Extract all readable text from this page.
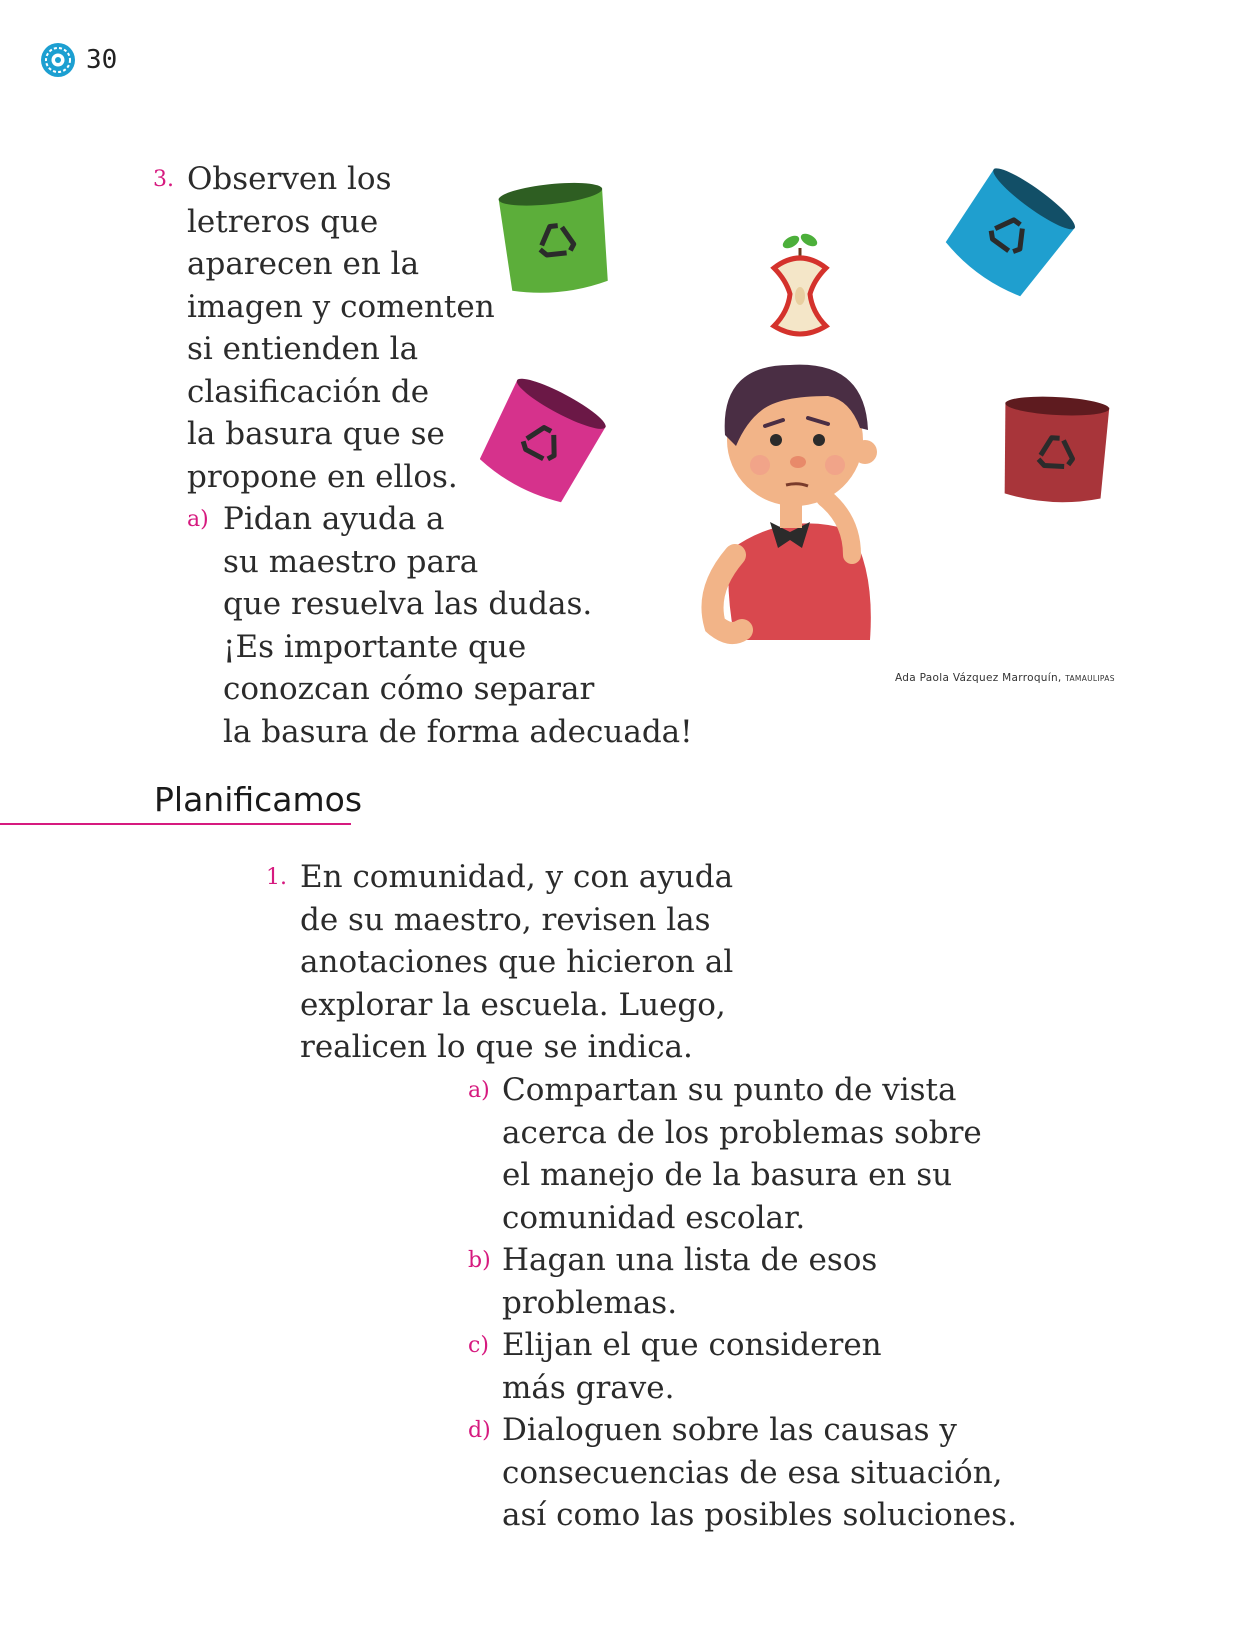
30
3. Observen los
letreros que
aparecen en la
imagen y comenten
si entienden la
clasificación de
la basura que se
propone en ellos.
a) Pidan ayuda a
su maestro para
que resuelva las dudas.
¡Es importante que
conozcan cómo separar
la basura de forma adecuada!
Ada Paola Vázquez Marroquín, TAMAULIPAS
Planificamos
1. En comunidad, y con ayuda
de su maestro, revisen las
anotaciones que hicieron al
explorar la escuela. Luego,
realicen lo que se indica.
a) Compartan su punto de vista
acerca de los problemas sobre
el manejo de la basura en su
comunidad escolar.
b) Hagan una lista de esos
problemas.
c) Elijan el que consideren
más grave.
d) Dialoguen sobre las causas y
consecuencias de esa situación,
así como las posibles soluciones.
